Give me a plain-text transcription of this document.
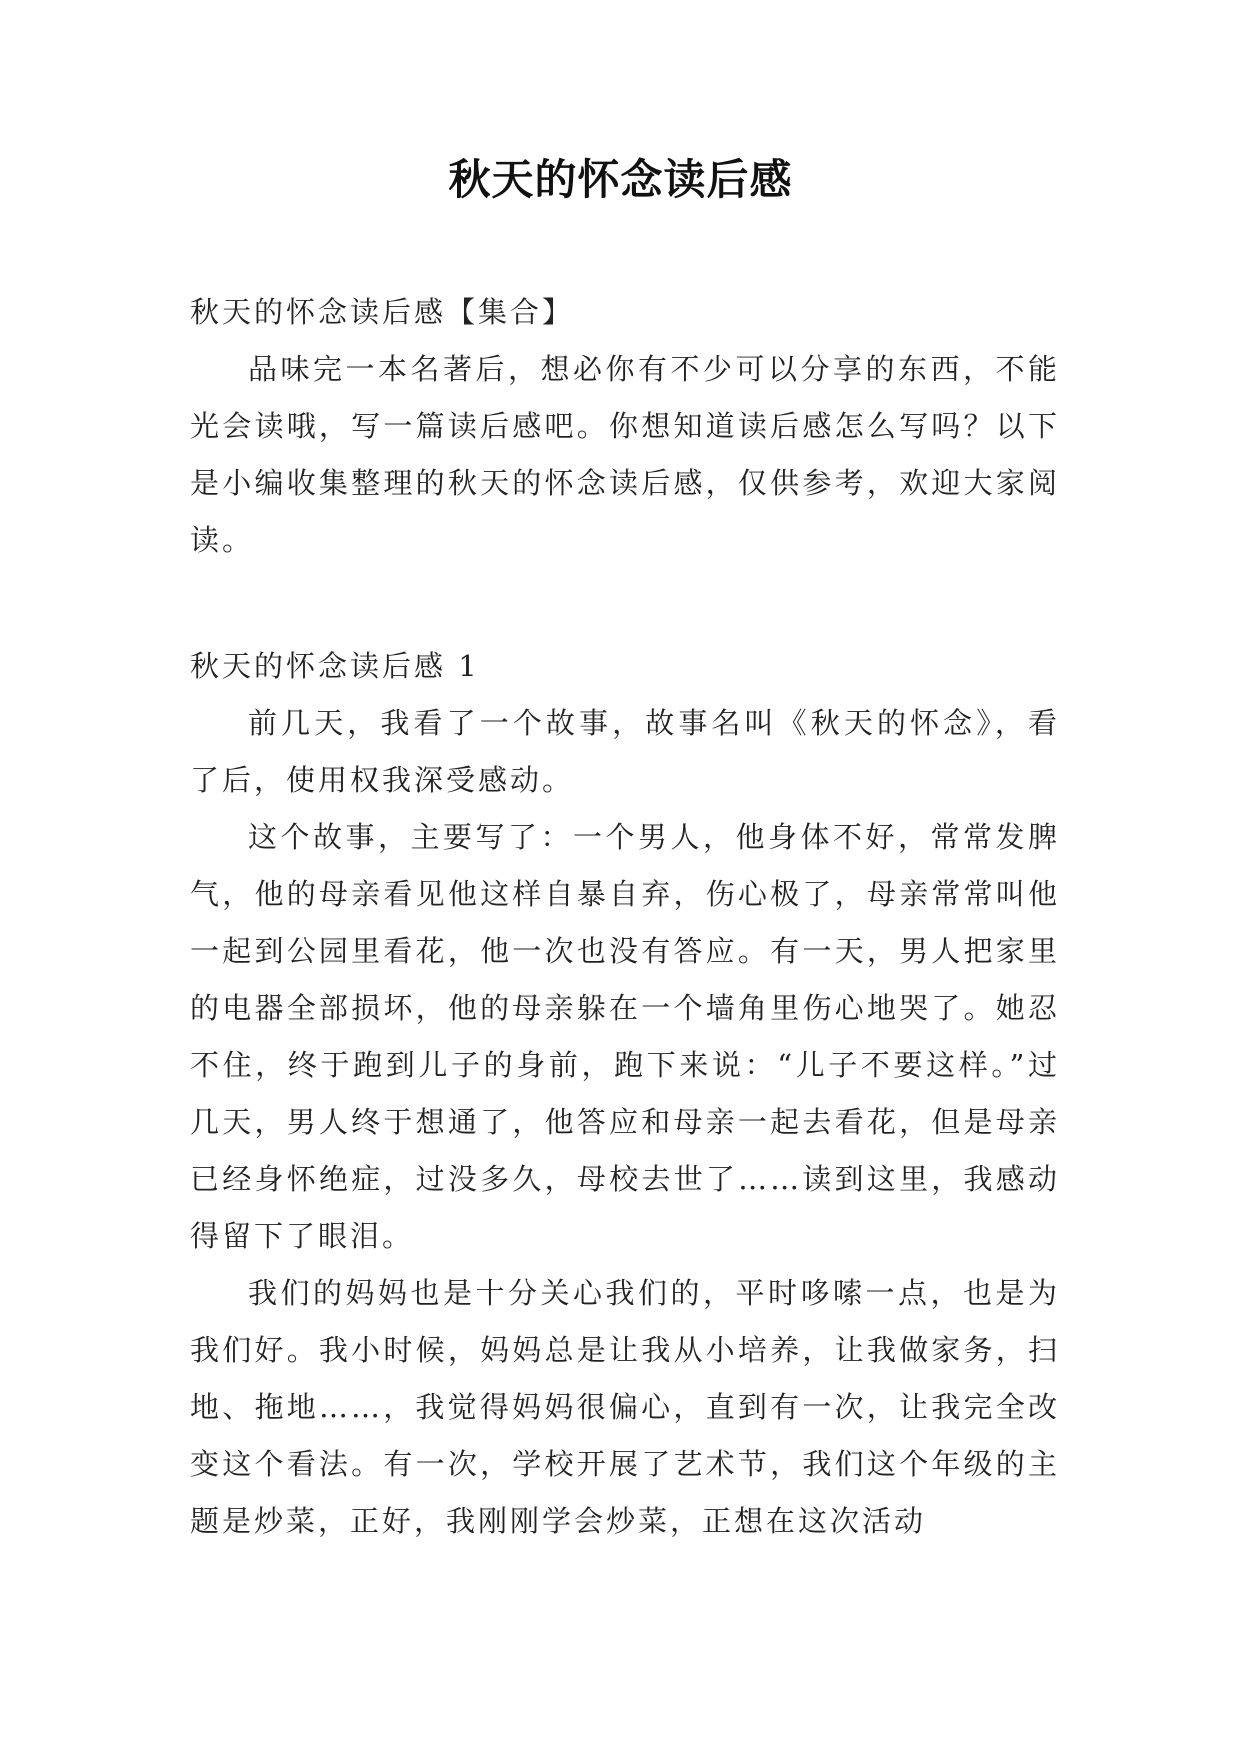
秋天的怀念读后感

秋天的怀念读后感【集合】

品味完一本名著后，想必你有不少可以分享的东西，不能光会读哦，写一篇读后感吧。你想知道读后感怎么写吗？以下是小编收集整理的秋天的怀念读后感，仅供参考，欢迎大家阅读。

秋天的怀念读后感 1

前几天，我看了一个故事，故事名叫《秋天的怀念》，看了后，使用权我深受感动。

这个故事，主要写了：一个男人，他身体不好，常常发脾气，他的母亲看见他这样自暴自弃，伤心极了，母亲常常叫他一起到公园里看花，他一次也没有答应。有一天，男人把家里的电器全部损坏，他的母亲躲在一个墙角里伤心地哭了。她忍不住，终于跑到儿子的身前，跑下来说：“儿子不要这样。”过几天，男人终于想通了，他答应和母亲一起去看花，但是母亲已经身怀绝症，过没多久，母校去世了……读到这里，我感动得留下了眼泪。

我们的妈妈也是十分关心我们的，平时哆嗦一点，也是为我们好。我小时候，妈妈总是让我从小培养，让我做家务，扫地、拖地……，我觉得妈妈很偏心，直到有一次，让我完全改变这个看法。有一次，学校开展了艺术节，我们这个年级的主题是炒菜，正好，我刚刚学会炒菜，正想在这次活动
